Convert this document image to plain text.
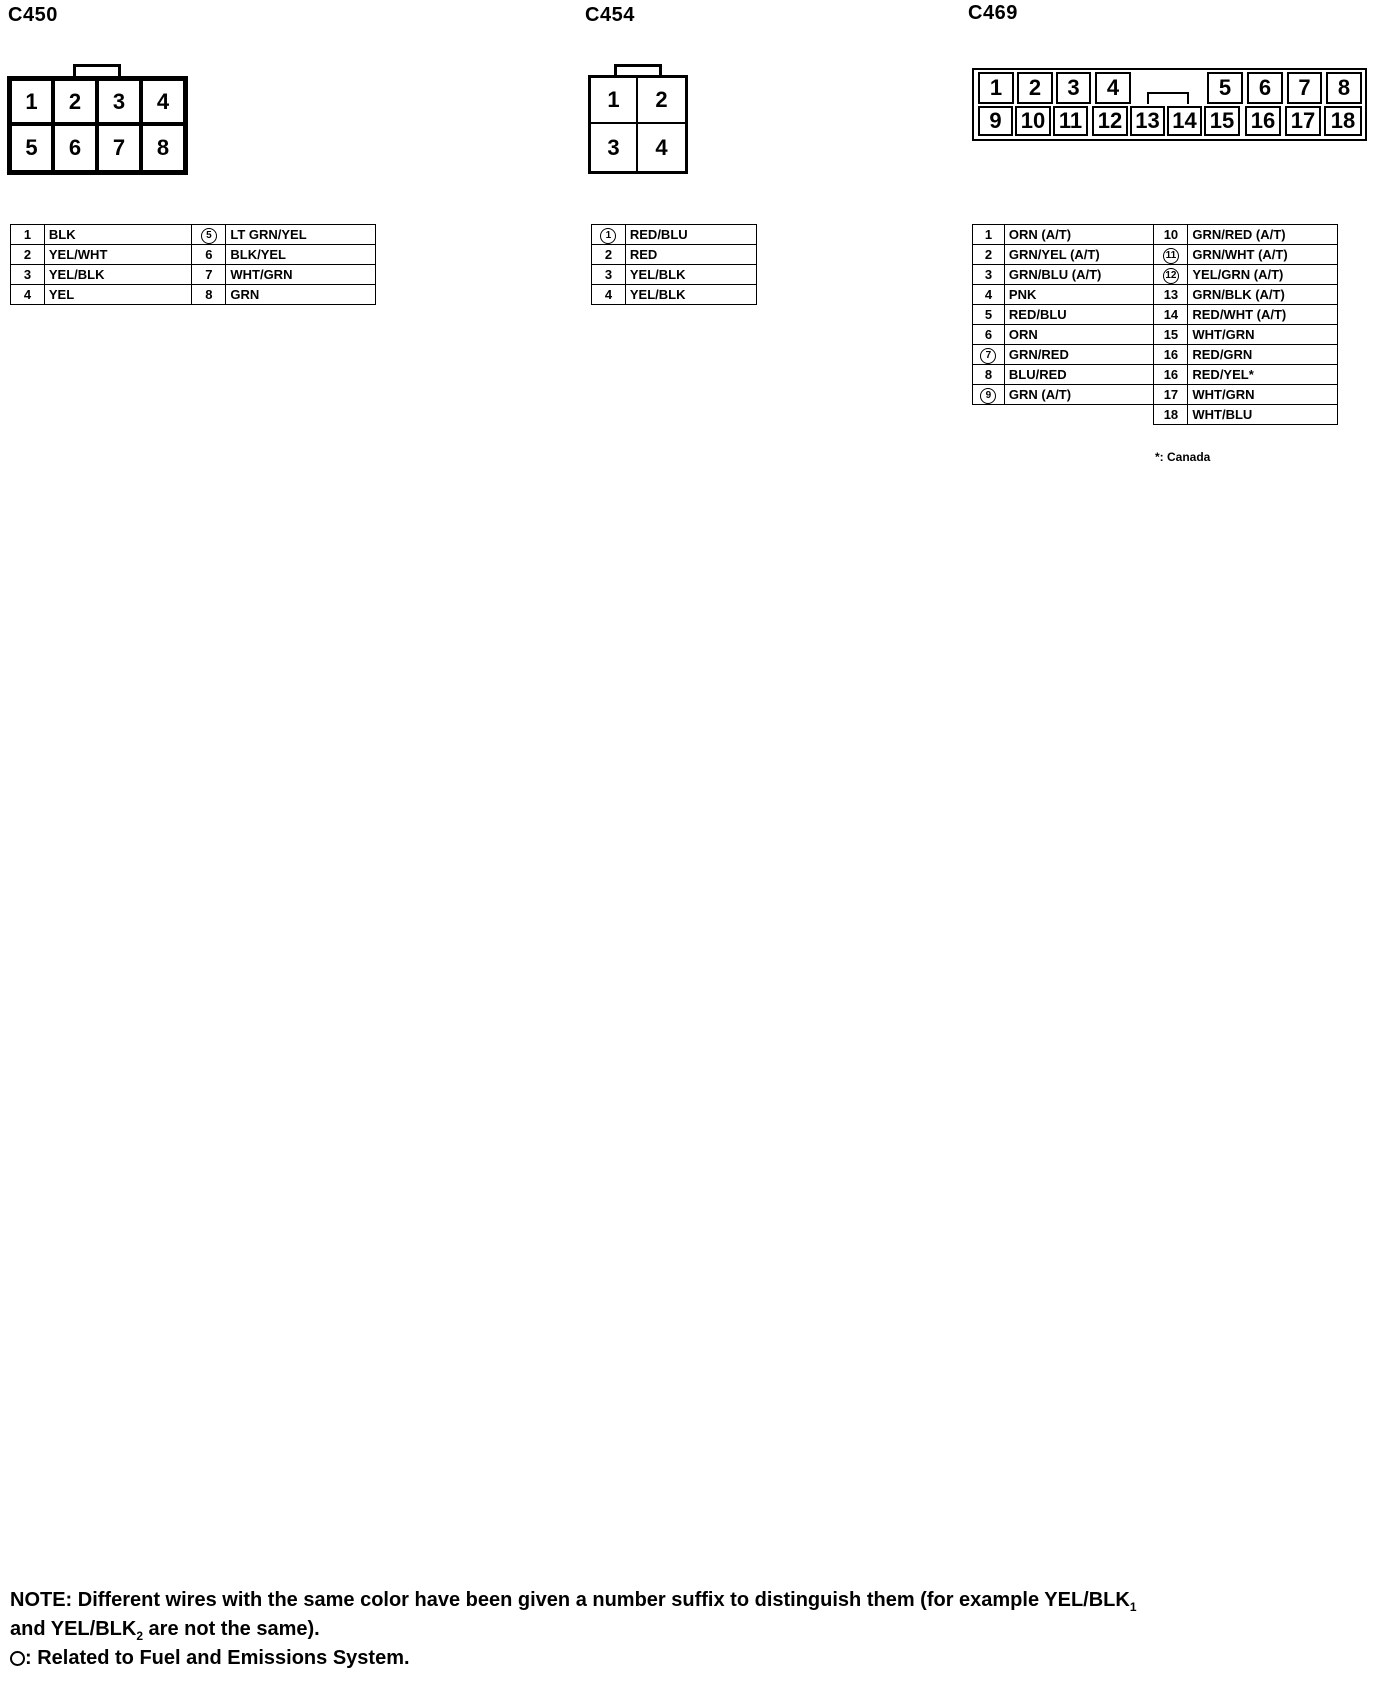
C450	C454	C469
1	2	3	4
5	6	7	8
1	2
3	4
1	2	3	4	5	6	7	8
9 10 11 12 13 14 15 16 17 18
1	BLK	5	LT GRN/YEL
2	YEL/WHT	6	BLK/YEL
3	YEL/BLK	7	WHT/GRN
4	YEL	8	GRN
1	RED/BLU
2	RED
3	YEL/BLK
4	YEL/BLK
1	ORN (A/T)	10	GRN/RED (A/T)
2	GRN/YEL (A/T)	11	GRN/WHT (A/T)
3	GRN/BLU (A/T)	12	YEL/GRN (A/T)
4	PNK	13	GRN/BLK (A/T)
5	RED/BLU	14	RED/WHT (A/T)
6	ORN	15	WHT/GRN
7	GRN/RED	16	RED/GRN
8	BLU/RED	16	RED/YEL*
9	GRN (A/T)	17	WHT/GRN
		18	WHT/BLU
*: Canada
NOTE: Different wires with the same color have been given a number suffix to distinguish them (for example YEL/$BLK_1$
and YEL/$BLK_2$ are not the same).
: Related to Fuel and Emissions System.
